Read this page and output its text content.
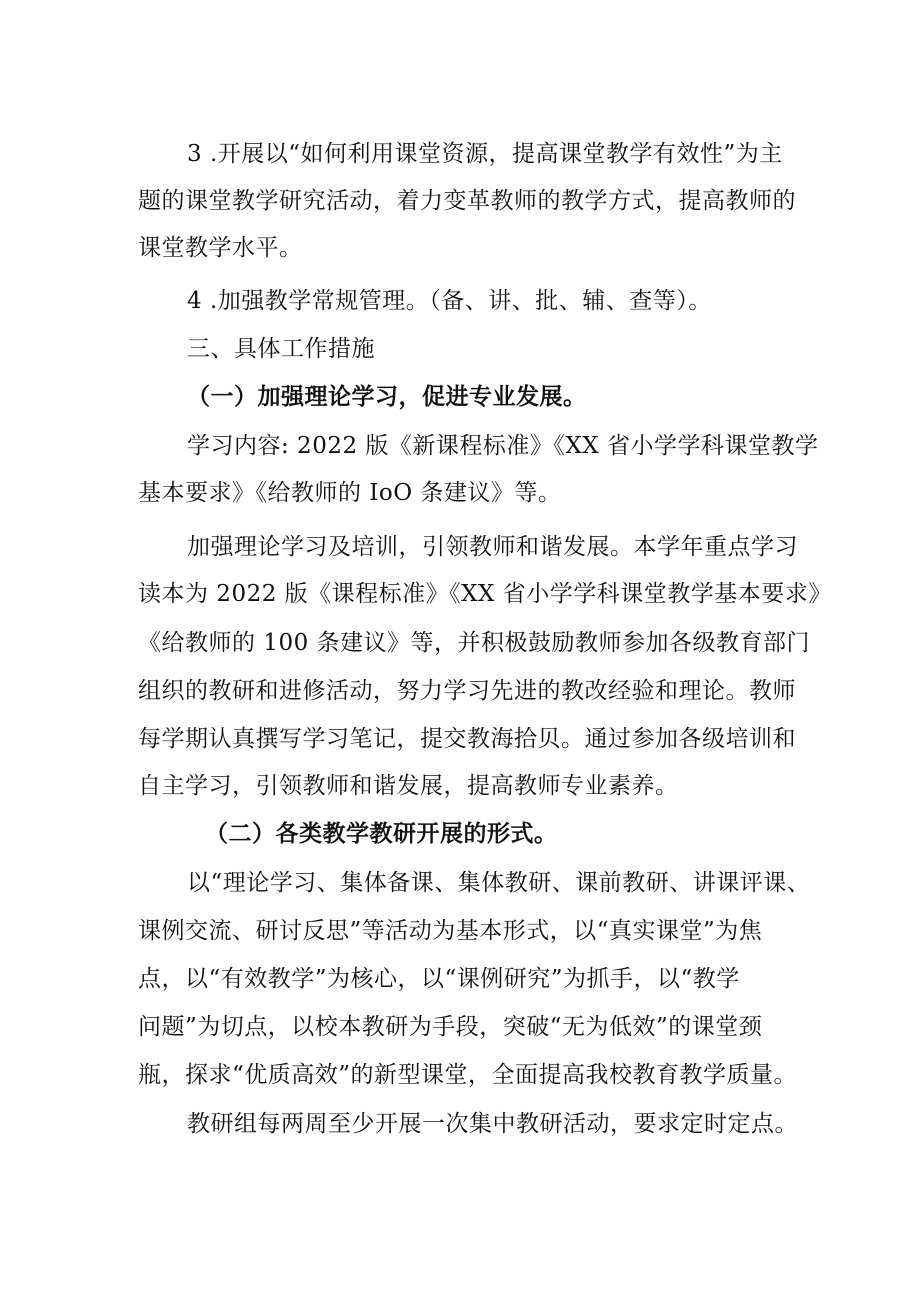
3 .开展以“如何利用课堂资源，提高课堂教学有效性”为主
题的课堂教学研究活动，着力变革教师的教学方式，提高教师的
课堂教学水平。
4 .加强教学常规管理。（备、讲、批、辅、查等）。
三、具体工作措施
（一）加强理论学习，促进专业发展。
学习内容: 2022 版《新课程标准》《XX 省小学学科课堂教学
基本要求》《给教师的 IoO 条建议》等。
加强理论学习及培训，引领教师和谐发展。本学年重点学习
读本为 2022 版《课程标准》《XX 省小学学科课堂教学基本要求》
《给教师的 100 条建议》等，并积极鼓励教师参加各级教育部门
组织的教研和进修活动，努力学习先进的教改经验和理论。教师
每学期认真撰写学习笔记，提交教海拾贝。通过参加各级培训和
自主学习，引领教师和谐发展，提高教师专业素养。
（二）各类教学教研开展的形式。
以“理论学习、集体备课、集体教研、课前教研、讲课评课、
课例交流、研讨反思”等活动为基本形式，以“真实课堂”为焦
点，以“有效教学”为核心，以“课例研究”为抓手，以“教学
问题”为切点，以校本教研为手段，突破“无为低效”的课堂颈
瓶，探求“优质高效”的新型课堂，全面提高我校教育教学质量。
教研组每两周至少开展一次集中教研活动，要求定时定点。
